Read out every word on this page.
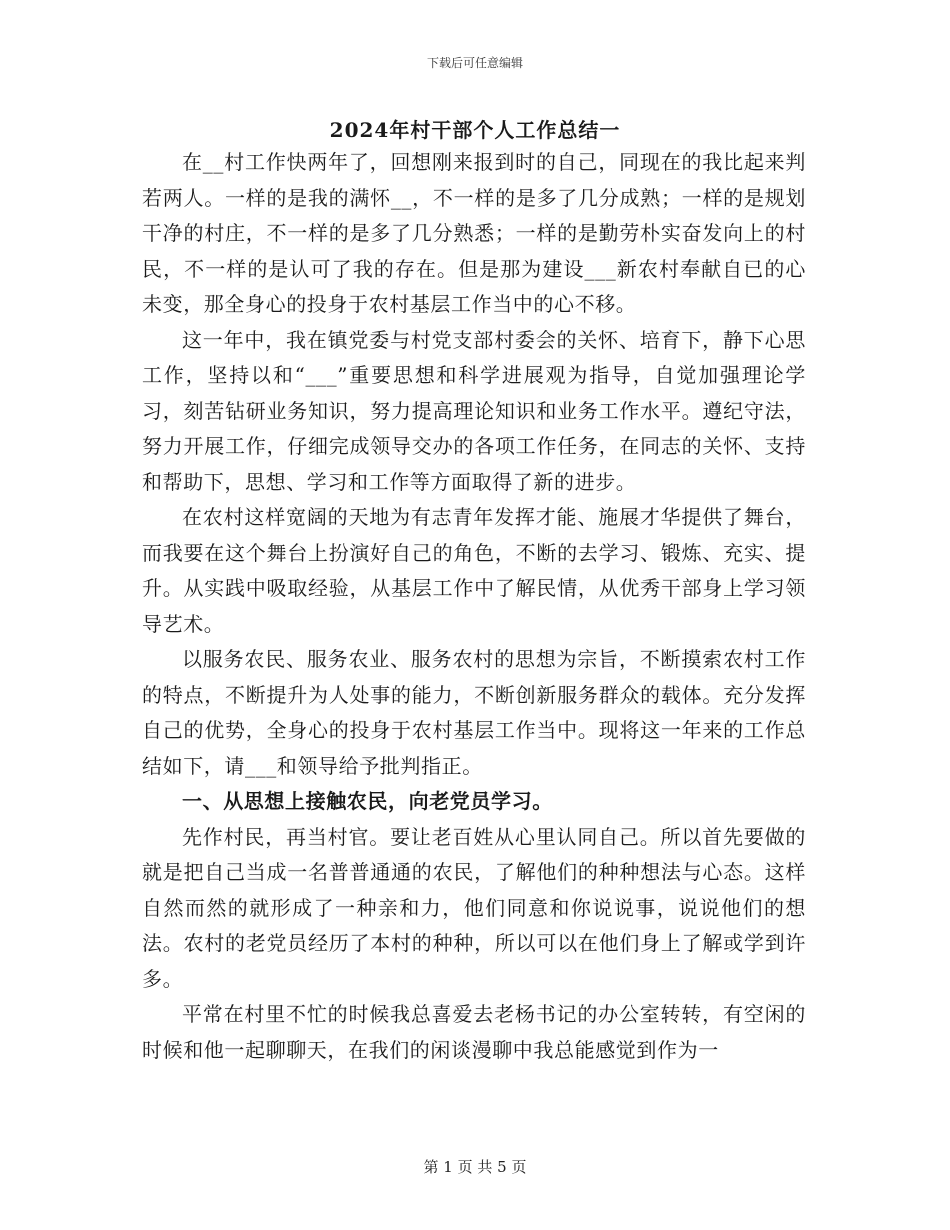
下载后可任意编辑
2024年村干部个人工作总结一

在__村工作快两年了，回想刚来报到时的自己，同现在的我比起来判若两人。一样的是我的满怀__，不一样的是多了几分成熟；一样的是规划干净的村庄，不一样的是多了几分熟悉；一样的是勤劳朴实奋发向上的村民，不一样的是认可了我的存在。但是那为建设___新农村奉献自已的心未变，那全身心的投身于农村基层工作当中的心不移。

这一年中，我在镇党委与村党支部村委会的关怀、培育下，静下心思工作，坚持以和“___”重要思想和科学进展观为指导，自觉加强理论学习，刻苦钻研业务知识，努力提高理论知识和业务工作水平。遵纪守法，努力开展工作，仔细完成领导交办的各项工作任务，在同志的关怀、支持和帮助下，思想、学习和工作等方面取得了新的进步。

在农村这样宽阔的天地为有志青年发挥才能、施展才华提供了舞台，而我要在这个舞台上扮演好自己的角色，不断的去学习、锻炼、充实、提升。从实践中吸取经验，从基层工作中了解民情，从优秀干部身上学习领导艺术。

以服务农民、服务农业、服务农村的思想为宗旨，不断摸索农村工作的特点，不断提升为人处事的能力，不断创新服务群众的载体。充分发挥自己的优势，全身心的投身于农村基层工作当中。现将这一年来的工作总结如下，请___和领导给予批判指正。

一、从思想上接触农民，向老党员学习。

先作村民，再当村官。要让老百姓从心里认同自己。所以首先要做的就是把自己当成一名普普通通的农民，了解他们的种种想法与心态。这样自然而然的就形成了一种亲和力，他们同意和你说说事，说说他们的想法。农村的老党员经历了本村的种种，所以可以在他们身上了解或学到许多。

平常在村里不忙的时候我总喜爱去老杨书记的办公室转转，有空闲的时候和他一起聊聊天，在我们的闲谈漫聊中我总能感觉到作为一

第 1 页 共 5 页
